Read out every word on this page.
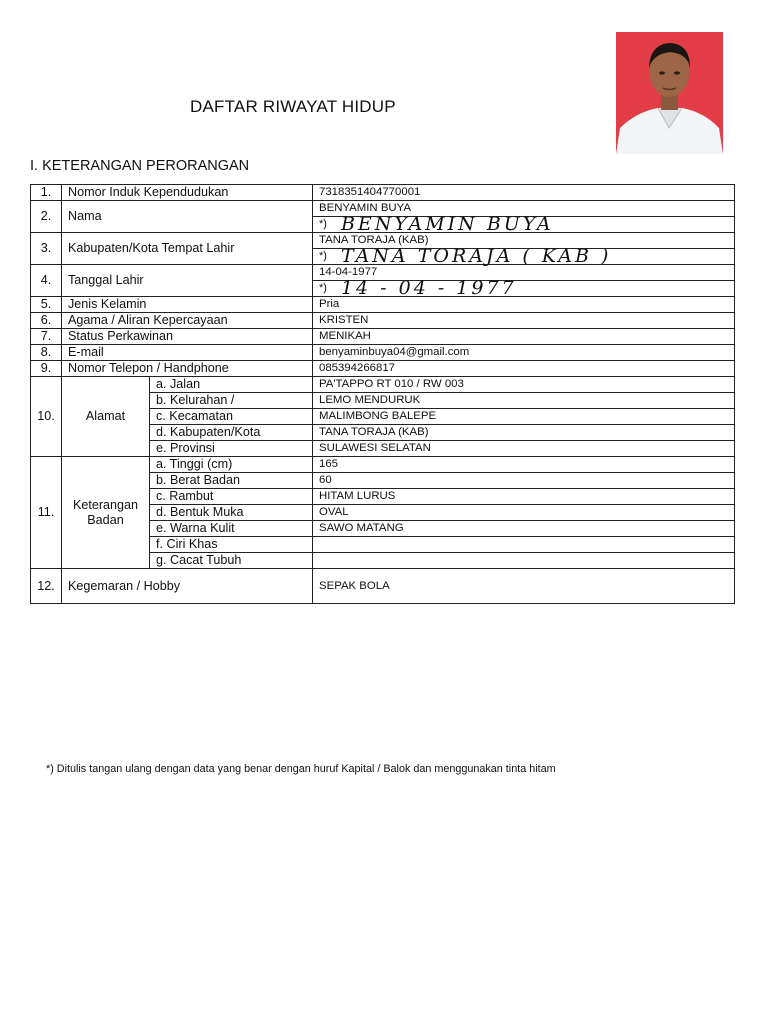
DAFTAR RIWAYAT HIDUP
I. KETERANGAN PERORANGAN
1.	Nomor Induk Kependudukan		7318351404770001
2.	Nama		BENYAMIN BUYA
			*) BENYAMIN BUYA
3.	Kabupaten/Kota Tempat Lahir		TANA TORAJA (KAB)
			*) TANA TORAJA ( KAB )
4.	Tanggal Lahir		14-04-1977
			*) 14 - 04 - 1977
5.	Jenis Kelamin		Pria
6.	Agama / Aliran Kepercayaan		KRISTEN
7.	Status Perkawinan		MENIKAH
8.	E-mail		benyaminbuya04@gmail.com
9.	Nomor Telepon / Handphone		085394266817
10.	Alamat	a. Jalan	PA'TAPPO RT 010 / RW 003
		b. Kelurahan /	LEMO MENDURUK
		c. Kecamatan	MALIMBONG BALEPE
		d. Kabupaten/Kota	TANA TORAJA (KAB)
		e. Provinsi	SULAWESI SELATAN
11.	Keterangan
Badan	a. Tinggi (cm)	165
		b. Berat Badan	60
		c. Rambut	HITAM LURUS
		d. Bentuk Muka	OVAL
		e. Warna Kulit	SAWO MATANG
		f. Ciri Khas	
		g. Cacat Tubuh	
12.	Kegemaran / Hobby		SEPAK BOLA
*) Ditulis tangan ulang dengan data yang benar dengan huruf Kapital / Balok dan menggunakan tinta hitam
